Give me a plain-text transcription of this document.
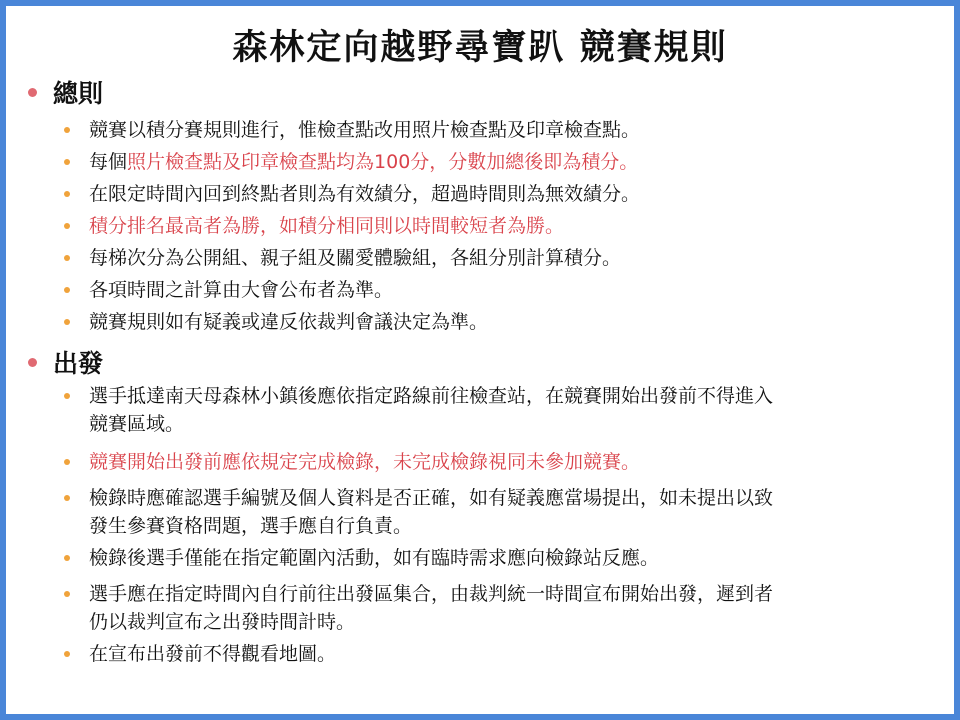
森林定向越野尋寶趴 競賽規則
總則
競賽以積分賽規則進行，惟檢查點改用照片檢查點及印章檢查點。
每個照片檢查點及印章檢查點均為100分，分數加總後即為積分。
在限定時間內回到終點者則為有效績分，超過時間則為無效績分。
積分排名最高者為勝，如積分相同則以時間較短者為勝。
每梯次分為公開組、親子組及關愛體驗組，各組分別計算積分。
各項時間之計算由大會公布者為準。
競賽規則如有疑義或違反依裁判會議決定為準。
出發
選手抵達南天母森林小鎮後應依指定路線前往檢查站，在競賽開始出發前不得進入
競賽區域。
競賽開始出發前應依規定完成檢錄，未完成檢錄視同未參加競賽。
檢錄時應確認選手編號及個人資料是否正確，如有疑義應當場提出，如未提出以致
發生參賽資格問題，選手應自行負責。
檢錄後選手僅能在指定範圍內活動，如有臨時需求應向檢錄站反應。
選手應在指定時間內自行前往出發區集合，由裁判統一時間宣布開始出發，遲到者
仍以裁判宣布之出發時間計時。
在宣布出發前不得觀看地圖。
